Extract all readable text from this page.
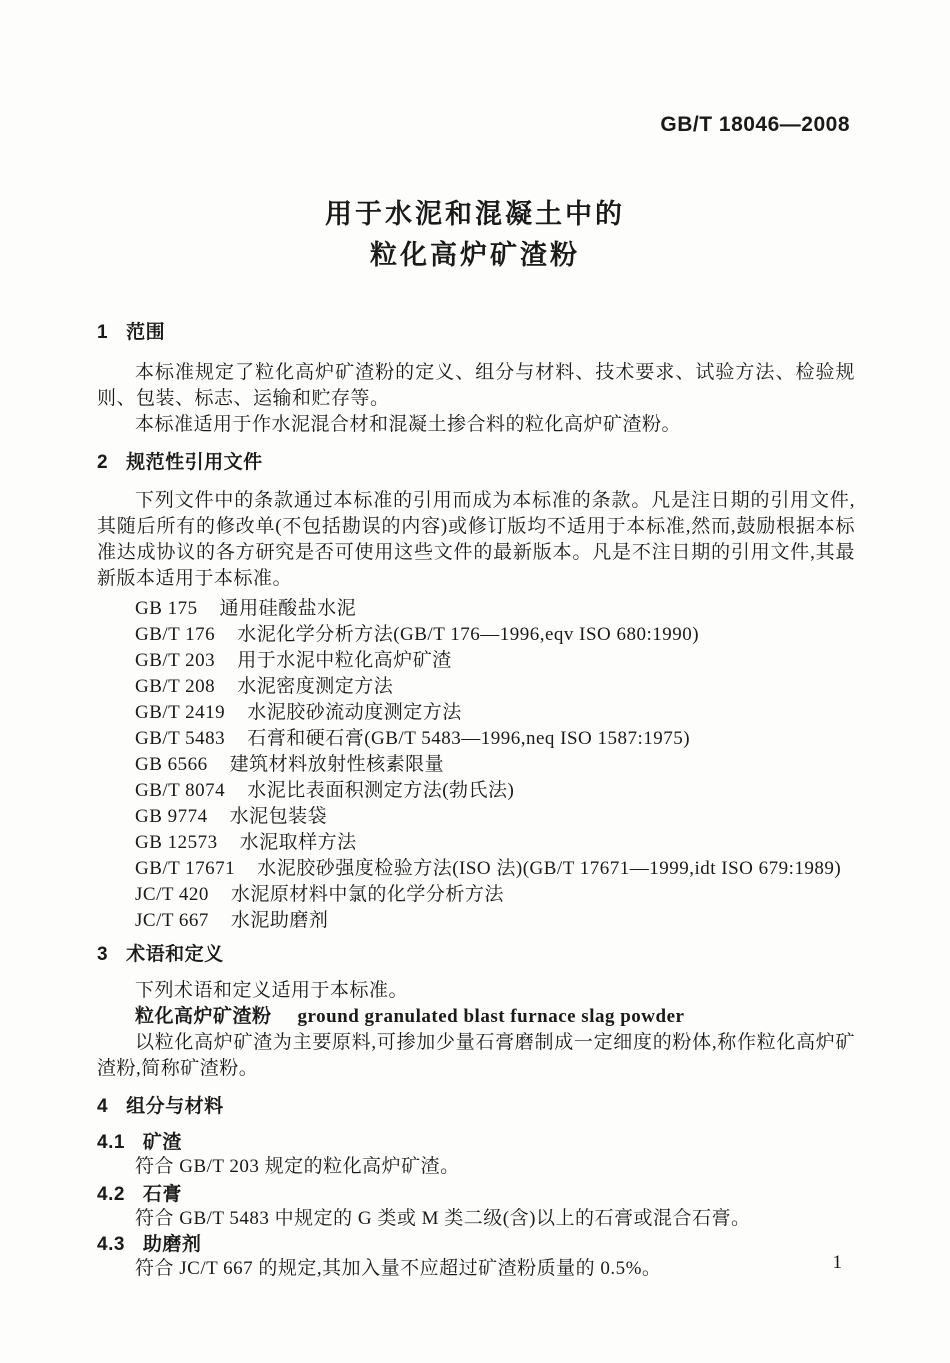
GB/T 18046—2008
用于水泥和混凝土中的
粒化高炉矿渣粉
1 范围

本标准规定了粒化高炉矿渣粉的定义、组分与材料、技术要求、试验方法、检验规则、包装、标志、运输和贮存等。

本标准适用于作水泥混合材和混凝土掺合料的粒化高炉矿渣粉。

2 规范性引用文件

下列文件中的条款通过本标准的引用而成为本标准的条款。凡是注日期的引用文件,其随后所有的修改单(不包括勘误的内容)或修订版均不适用于本标准,然而,鼓励根据本标准达成协议的各方研究是否可使用这些文件的最新版本。凡是不注日期的引用文件,其最新版本适用于本标准。

GB 175 通用硅酸盐水泥
GB/T 176 水泥化学分析方法(GB/T 176—1996,eqv ISO 680:1990)
GB/T 203 用于水泥中粒化高炉矿渣
GB/T 208 水泥密度测定方法
GB/T 2419 水泥胶砂流动度测定方法
GB/T 5483 石膏和硬石膏(GB/T 5483—1996,neq ISO 1587:1975)
GB 6566 建筑材料放射性核素限量
GB/T 8074 水泥比表面积测定方法(勃氏法)
GB 9774 水泥包装袋
GB 12573 水泥取样方法
GB/T 17671 水泥胶砂强度检验方法(ISO 法)(GB/T 17671—1999,idt ISO 679:1989)
JC/T 420 水泥原材料中氯的化学分析方法
JC/T 667 水泥助磨剂
3 术语和定义

下列术语和定义适用于本标准。

粒化高炉矿渣粉 ground granulated blast furnace slag powder

以粒化高炉矿渣为主要原料,可掺加少量石膏磨制成一定细度的粉体,称作粒化高炉矿渣粉,简称矿渣粉。

4 组分与材料
4.1 矿渣

符合 GB/T 203 规定的粒化高炉矿渣。

4.2 石膏

符合 GB/T 5483 中规定的 G 类或 M 类二级(含)以上的石膏或混合石膏。

4.3 助磨剂

符合 JC/T 667 的规定,其加入量不应超过矿渣粉质量的 0.5%。	1
